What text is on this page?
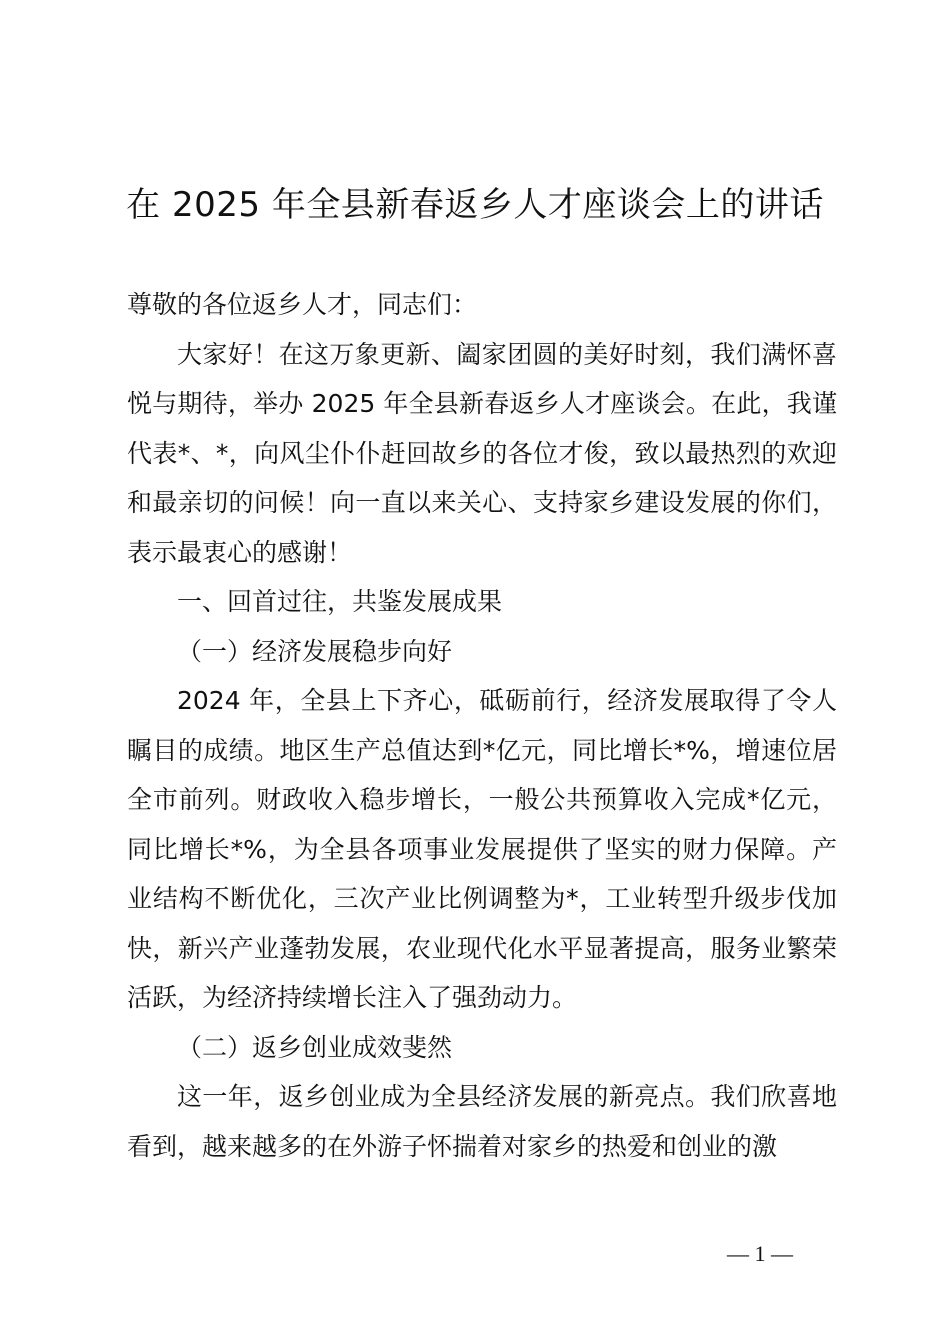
在 2025 年全县新春返乡人才座谈会上的讲话

尊敬的各位返乡人才，同志们：

大家好！在这万象更新、阖家团圆的美好时刻，我们满怀喜悦与期待，举办 2025 年全县新春返乡人才座谈会。在此，我谨代表*、*，向风尘仆仆赶回故乡的各位才俊，致以最热烈的欢迎和最亲切的问候！向一直以来关心、支持家乡建设发展的你们，表示最衷心的感谢！

一、回首过往，共鉴发展成果

（一）经济发展稳步向好

2024 年，全县上下齐心，砥砺前行，经济发展取得了令人瞩目的成绩。地区生产总值达到*亿元，同比增长*%，增速位居全市前列。财政收入稳步增长，一般公共预算收入完成*亿元，同比增长*%，为全县各项事业发展提供了坚实的财力保障。产业结构不断优化，三次产业比例调整为*，工业转型升级步伐加快，新兴产业蓬勃发展，农业现代化水平显著提高，服务业繁荣活跃，为经济持续增长注入了强劲动力。

（二）返乡创业成效斐然

这一年，返乡创业成为全县经济发展的新亮点。我们欣喜地看到，越来越多的在外游子怀揣着对家乡的热爱和创业的激

— 1 —
